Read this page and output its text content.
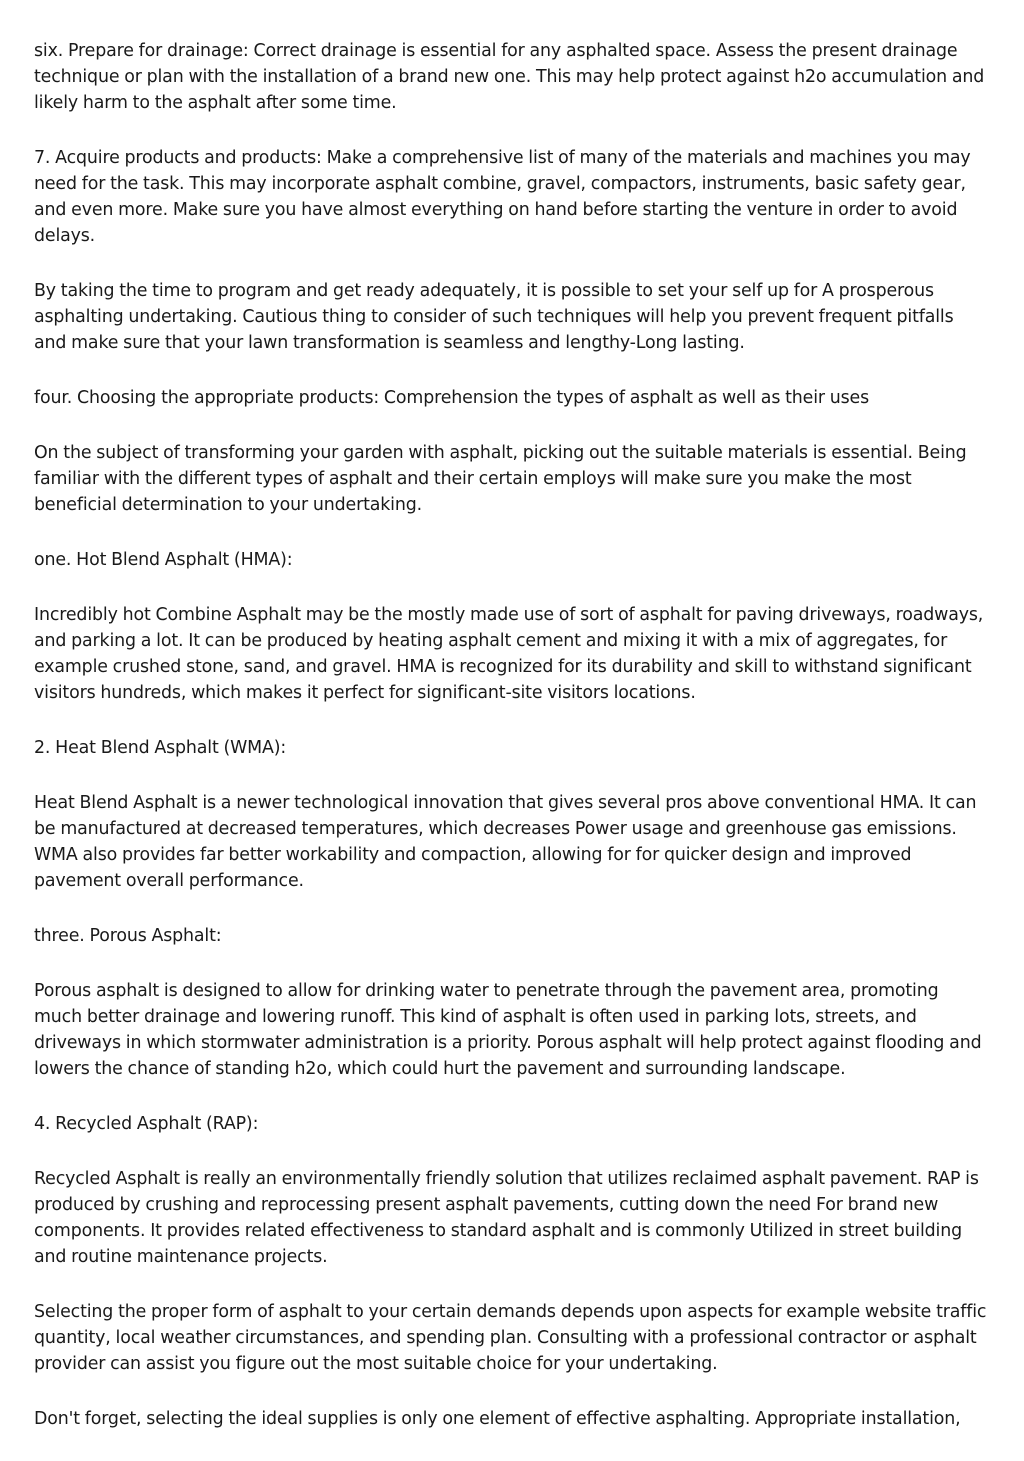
six. Prepare for drainage: Correct drainage is essential for any asphalted space. Assess the present drainage technique or plan with the installation of a brand new one. This may help protect against h2o accumulation and likely harm to the asphalt after some time.

7. Acquire products and products: Make a comprehensive list of many of the materials and machines you may need for the task. This may incorporate asphalt combine, gravel, compactors, instruments, basic safety gear, and even more. Make sure you have almost everything on hand before starting the venture in order to avoid delays.

By taking the time to program and get ready adequately, it is possible to set your self up for A prosperous asphalting undertaking. Cautious thing to consider of such techniques will help you prevent frequent pitfalls and make sure that your lawn transformation is seamless and lengthy-Long lasting.

four. Choosing the appropriate products: Comprehension the types of asphalt as well as their uses

On the subject of transforming your garden with asphalt, picking out the suitable materials is essential. Being familiar with the different types of asphalt and their certain employs will make sure you make the most beneficial determination to your undertaking.

one. Hot Blend Asphalt (HMA):

Incredibly hot Combine Asphalt may be the mostly made use of sort of asphalt for paving driveways, roadways, and parking a lot. It can be produced by heating asphalt cement and mixing it with a mix of aggregates, for example crushed stone, sand, and gravel. HMA is recognized for its durability and skill to withstand significant visitors hundreds, which makes it perfect for significant-site visitors locations.

2. Heat Blend Asphalt (WMA):

Heat Blend Asphalt is a newer technological innovation that gives several pros above conventional HMA. It can be manufactured at decreased temperatures, which decreases Power usage and greenhouse gas emissions. WMA also provides far better workability and compaction, allowing for for quicker design and improved pavement overall performance.

three. Porous Asphalt:

Porous asphalt is designed to allow for drinking water to penetrate through the pavement area, promoting much better drainage and lowering runoff. This kind of asphalt is often used in parking lots, streets, and driveways in which stormwater administration is a priority. Porous asphalt will help protect against flooding and lowers the chance of standing h2o, which could hurt the pavement and surrounding landscape.

4. Recycled Asphalt (RAP):

Recycled Asphalt is really an environmentally friendly solution that utilizes reclaimed asphalt pavement. RAP is produced by crushing and reprocessing present asphalt pavements, cutting down the need For brand new components. It provides related effectiveness to standard asphalt and is commonly Utilized in street building and routine maintenance projects.

Selecting the proper form of asphalt to your certain demands depends upon aspects for example website traffic quantity, local weather circumstances, and spending plan. Consulting with a professional contractor or asphalt provider can assist you figure out the most suitable choice for your undertaking.

Don't forget, selecting the ideal supplies is only one element of effective asphalting. Appropriate installation,
